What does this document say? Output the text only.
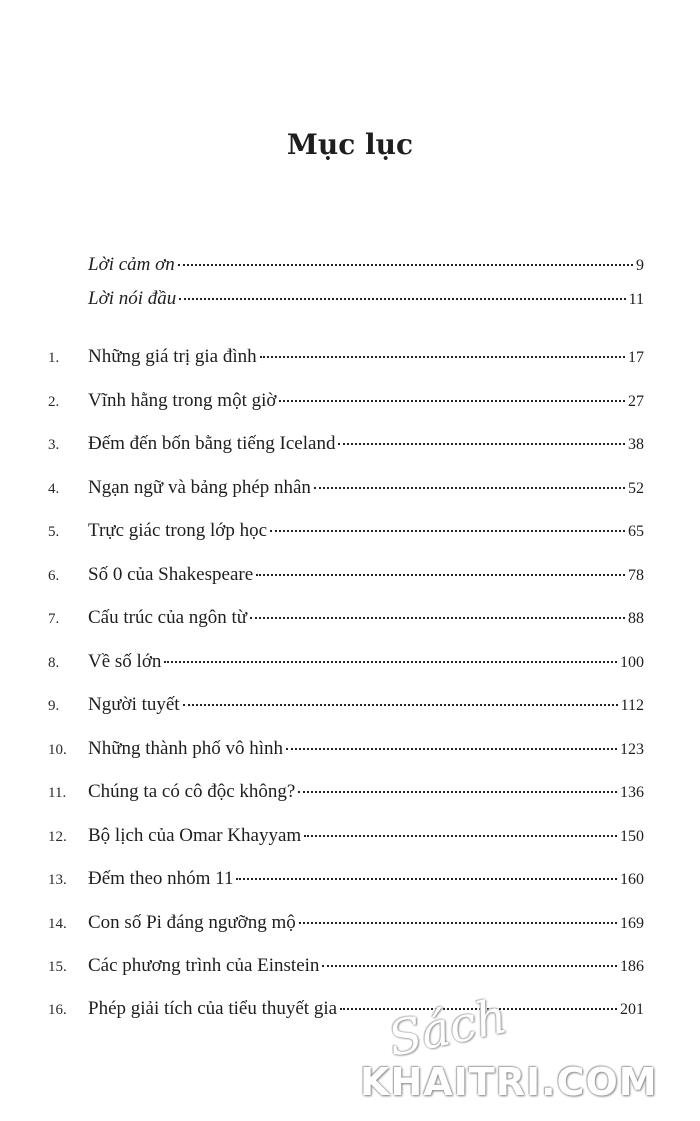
Mục lục
Lời cảm ơn	9
Lời nói đầu	11
1.	Những giá trị gia đình	17
2.	Vĩnh hằng trong một giờ	27
3.	Đếm đến bốn bằng tiếng Iceland	38
4.	Ngạn ngữ và bảng phép nhân	52
5.	Trực giác trong lớp học	65
6.	Số 0 của Shakespeare	78
7.	Cấu trúc của ngôn từ	88
8.	Về số lớn	100
9.	Người tuyết	112
10.	Những thành phố vô hình	123
11.	Chúng ta có cô độc không?	136
12.	Bộ lịch của Omar Khayyam	150
13.	Đếm theo nhóm 11	160
14.	Con số Pi đáng ngưỡng mộ	169
15.	Các phương trình của Einstein	186
16.	Phép giải tích của tiểu thuyết gia	201
Sách
KHAITRI.COM
